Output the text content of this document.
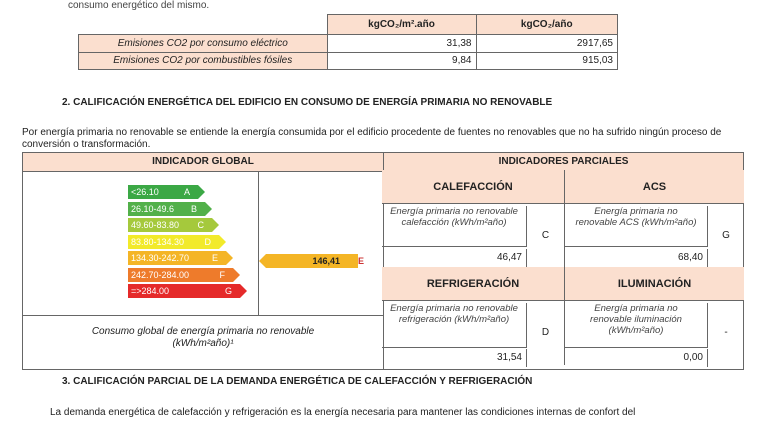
consumo energético del mismo.
	kgCO₂/m².año	kgCO₂/año
Emisiones CO2 por consumo eléctrico	31,38	2917,65
Emisiones CO2 por combustibles fósiles	9,84	915,03
2. CALIFICACIÓN ENERGÉTICA DEL EDIFICIO EN CONSUMO DE ENERGÍA PRIMARIA NO RENOVABLE
Por energía primaria no renovable se entiende la energía consumida por el edificio procedente de fuentes no renovables que no ha sufrido ningún proceso de conversión o transformación.
INDICADOR GLOBAL	INDICADORES PARCIALES
Consumo global de energía primaria no renovable
(kWh/m²año)¹
146,41	E
<26.10	A
26.10-49.6 B
49.60-83.80 C
83.80-134.30 D
134.30-242.70	E
242.70-284.00	F
=>284.00	G
CALEFACCIÓN
Energía primaria no renovable calefacción (kWh/m²año)
46,47
C
ACS
Energía primaria no renovable ACS (kWh/m²año)
68,40
G
REFRIGERACIÓN
Energía primaria no renovable refrigeración (kWh/m²año)
31,54
D
ILUMINACIÓN
Energía primaria no renovable iluminación (kWh/m²año)
0,00
-
3. CALIFICACIÓN PARCIAL DE LA DEMANDA ENERGÉTICA DE CALEFACCIÓN Y REFRIGERACIÓN
La demanda energética de calefacción y refrigeración es la energía necesaria para mantener las condiciones internas de confort del
